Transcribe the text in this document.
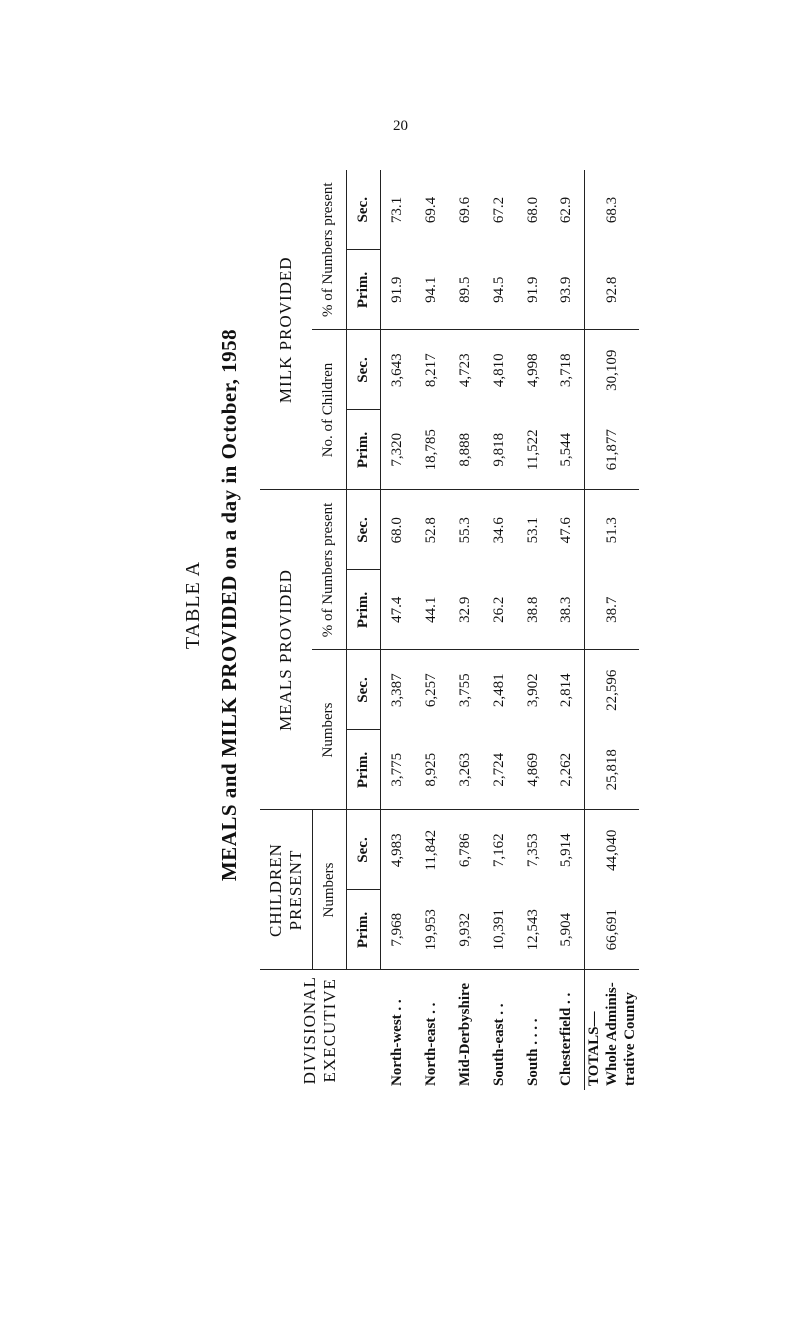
20
TABLE A MEALS and MILK PROVIDED on a day in October, 1958
DIVISIONAL EXECUTIVE	CHILDREN PRESENT		MEALS PROVIDED				MILK PROVIDED			
	Numbers		Numbers		% of Numbers present		No. of Children		% of Numbers present	
	Prim.	Sec.	Prim.	Sec.	Prim.	Sec.	Prim.	Sec.	Prim.	Sec.
North-west . .	7,968	4,983	3,775	3,387	47.4	68.0	7,320	3,643	91.9	73.1
North-east . .	19,953	11,842	8,925	6,257	44.1	52.8	18,785	8,217	94.1	69.4
Mid-Derbyshire	9,932	6,786	3,263	3,755	32.9	55.3	8,888	4,723	89.5	69.6
South-east . .	10,391	7,162	2,724	2,481	26.2	34.6	9,818	4,810	94.5	67.2
South . . . .	12,543	7,353	4,869	3,902	38.8	53.1	11,522	4,998	91.9	68.0
Chesterfield . .	5,904	5,914	2,262	2,814	38.3	47.6	5,544	3,718	93.9	62.9

TOTALS— Whole Adminis- trative County	66,691	44,040	25,818	22,596	38.7	51.3	61,877	30,109	92.8	68.3
